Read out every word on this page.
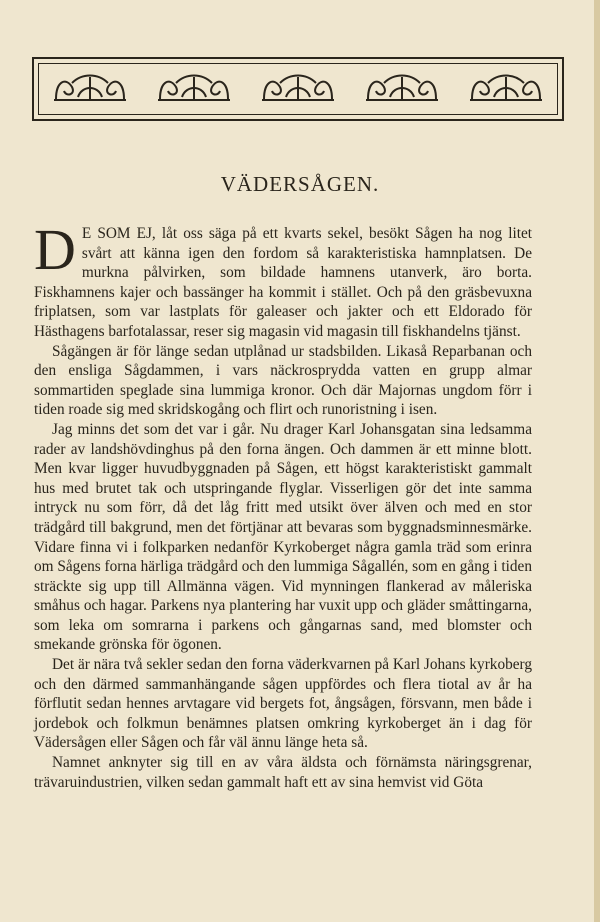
VÄDERSÅGEN.

D E SOM EJ, låt oss säga på ett kvarts sekel, besökt Sågen ha nog litet svårt att känna igen den fordom så karakteristiska hamnplatsen. De murkna pålvirken, som bildade hamnens utanverk, äro borta. Fiskhamnens kajer och bassänger ha kommit i stället. Och på den gräsbevuxna friplatsen, som var lastplats för galeaser och jakter och ett Eldorado för Hästhagens barfotalassar, reser sig magasin vid magasin till fiskhandelns tjänst.

Sågängen är för länge sedan utplånad ur stadsbilden. Likaså Reparbanan och den ensliga Sågdammen, i vars näckrosprydda vatten en grupp almar sommartiden speglade sina lummiga kronor. Och där Majornas ungdom förr i tiden roade sig med skridskogång och flirt och runoristning i isen.

Jag minns det som det var i går. Nu drager Karl Johansgatan sina ledsamma rader av landshövdinghus på den forna ängen. Och dammen är ett minne blott. Men kvar ligger huvudbyggnaden på Sågen, ett högst karakteristiskt gammalt hus med brutet tak och utspringande flyglar. Visserligen gör det inte samma intryck nu som förr, då det låg fritt med utsikt över älven och med en stor trädgård till bakgrund, men det förtjänar att bevaras som byggnadsminnesmärke. Vidare finna vi i folkparken nedanför Kyrkoberget några gamla träd som erinra om Sågens forna härliga trädgård och den lummiga Sågallén, som en gång i tiden sträckte sig upp till Allmänna vägen. Vid mynningen flankerad av måleriska småhus och hagar. Parkens nya plantering har vuxit upp och gläder småttingarna, som leka om somrarna i parkens och gångarnas sand, med blomster och smekande grönska för ögonen.

Det är nära två sekler sedan den forna väderkvarnen på Karl Johans kyrkoberg och den därmed sammanhängande sågen uppfördes och flera tiotal av år ha förflutit sedan hennes arvtagare vid bergets fot, ångsågen, försvann, men både i jordebok och folkmun benämnes platsen omkring kyrkoberget än i dag för Vädersågen eller Sågen och får väl ännu länge heta så.

Namnet anknyter sig till en av våra äldsta och förnämsta näringsgrenar, trävaruindustrien, vilken sedan gammalt haft ett av sina hemvist vid Göta
